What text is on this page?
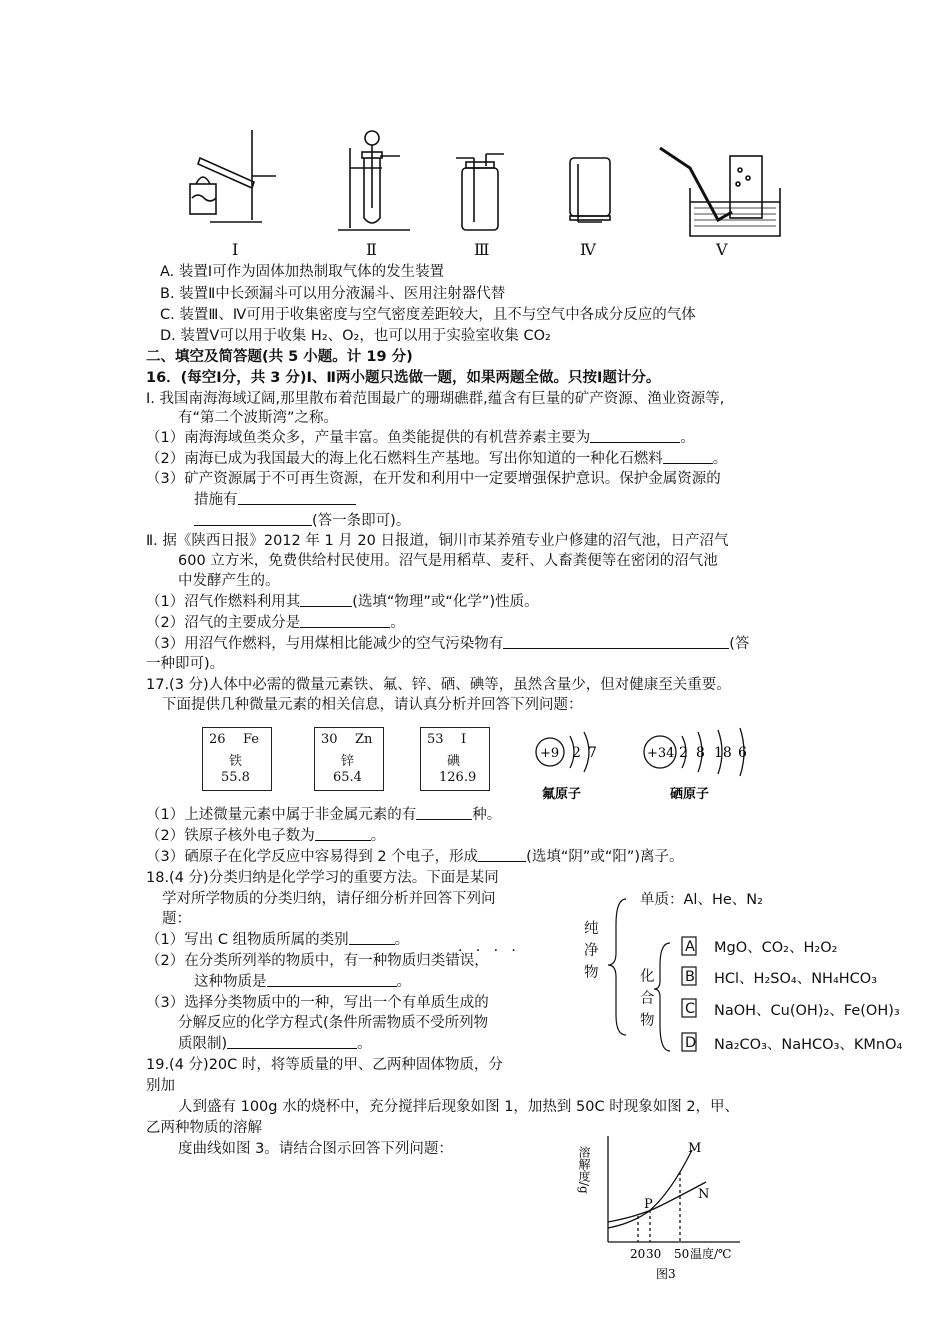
Ⅰ	Ⅱ	Ⅲ	Ⅳ	Ⅴ
A. 装置Ⅰ可作为固体加热制取气体的发生装置
B. 装置Ⅱ中长颈漏斗可以用分液漏斗、医用注射器代替
C. 装置Ⅲ、Ⅳ可用于收集密度与空气密度差距较大，且不与空气中各成分反应的气体
D. 装置Ⅴ可以用于收集 H₂、O₂，也可以用于实验室收集 CO₂
二、填空及简答题(共 5 小题。计 19 分)
16．(每空Ⅰ分，共 3 分)Ⅰ、Ⅱ两小题只选做一题，如果两题全做。只按Ⅰ题计分。
I. 我国南海海域辽阔,那里散布着范围最广的珊瑚礁群,蕴含有巨量的矿产资源、渔业资源等,
有“第二个波斯湾”之称。
（1）南海海域鱼类众多，产量丰富。鱼类能提供的有机营养素主要为	。
（2）南海已成为我国最大的海上化石燃料生产基地。写出你知道的一种化石燃料	。
（3）矿产资源属于不可再生资源，在开发和利用中一定要增强保护意识。保护金属资源的
措施有
(答一条即可)。
Ⅱ. 据《陕西日报》2012 年 1 月 20 日报道，铜川市某养殖专业户修建的沼气池，日产沼气
600 立方米，免费供给村民使用。沼气是用稻草、麦秆、人畜粪便等在密闭的沼气池
中发酵产生的。
（1）沼气作燃料利用其	(选填“物理”或“化学”)性质。
（2）沼气的主要成分是	。
（3）用沼气作燃料，与用煤相比能减少的空气污染物有	(答
一种即可)。
17.(3 分)人体中必需的微量元素铁、氟、锌、硒、碘等，虽然含量少，但对健康至关重要。
下面提供几种微量元素的相关信息，请认真分析并回答下列问题：
26 Fe
铁
55.8
30 Zn
锌
65.4
53 I
碘
126.9
+9 2 7	+34 2 8 18 6
氟原子	硒原子
（1）上述微量元素中属于非金属元素的有	种。
（2）铁原子核外电子数为	。
（3）硒原子在化学反应中容易得到 2 个电子，形成	(选填“阴”或“阳”)离子。
18.(4 分)分类归纳是化学学习的重要方法。下面是某同
学对所学物质的分类归纳，请仔细分析并回答下列问
题：
（1）写出 C 组物质所属的类别	。
（2）在分类所列举的物质中，有一种物质归类错误，
这种物质是	。
（3）选择分类物质中的一种，写出一个有单质生成的
分解反应的化学方程式(条件所需物质不受所列物
质限制)	。
.   .   .   .
纯净物
单质：Al、He、N₂
化合物
A MgO、CO₂、H₂O₂
B HCl、H₂SO₄、NH₄HCO₃
C NaOH、Cu(OH)₂、Fe(OH)₃
D Na₂CO₃、NaHCO₃、KMnO₄
19.(4 分)20C 时，将等质量的甲、乙两种固体物质，分
别加
人到盛有 100g 水的烧杯中，充分搅拌后现象如图 1，加热到 50C 时现象如图 2，甲、
乙两种物质的溶解
度曲线如图 3。请结合图示回答下列问题：	溶解度/g	M
N
P
20 30 50 温度/℃
图3
